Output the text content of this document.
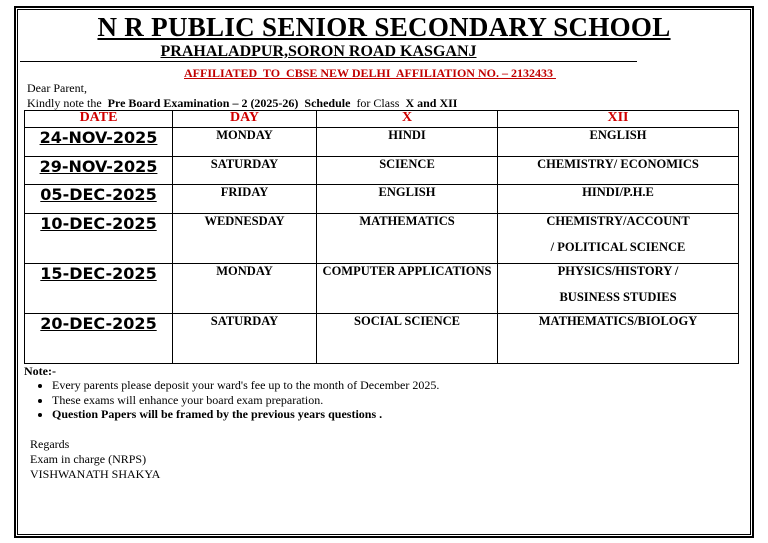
N R PUBLIC SENIOR SECONDARY SCHOOL
PRAHALADPUR,SORON ROAD KASGANJ
AFFILIATED  TO  CBSE NEW DELHI  AFFILIATION NO. – 2132433
Dear Parent,
Kindly note the  Pre Board Examination – 2 (2025-26)  Schedule  for Class  X and XII
DATE	DAY	X	XII
24-NOV-2025	MONDAY	HINDI	ENGLISH
29-NOV-2025	SATURDAY	SCIENCE	CHEMISTRY/ ECONOMICS
05-DEC-2025	FRIDAY	ENGLISH	HINDI/P.H.E
10-DEC-2025	WEDNESDAY	MATHEMATICS	CHEMISTRY/ACCOUNT
/ POLITICAL SCIENCE

15-DEC-2025	MONDAY	COMPUTER APPLICATIONS	PHYSICS/HISTORY /
BUSINESS STUDIES

20-DEC-2025	SATURDAY	SOCIAL SCIENCE	MATHEMATICS/BIOLOGY
Note:-
• Every parents please deposit your ward's fee up to the month of December 2025.
• These exams will enhance your board exam preparation.
• Question Papers will be framed by the previous years questions .
Regards
Exam in charge (NRPS)
VISHWANATH SHAKYA
